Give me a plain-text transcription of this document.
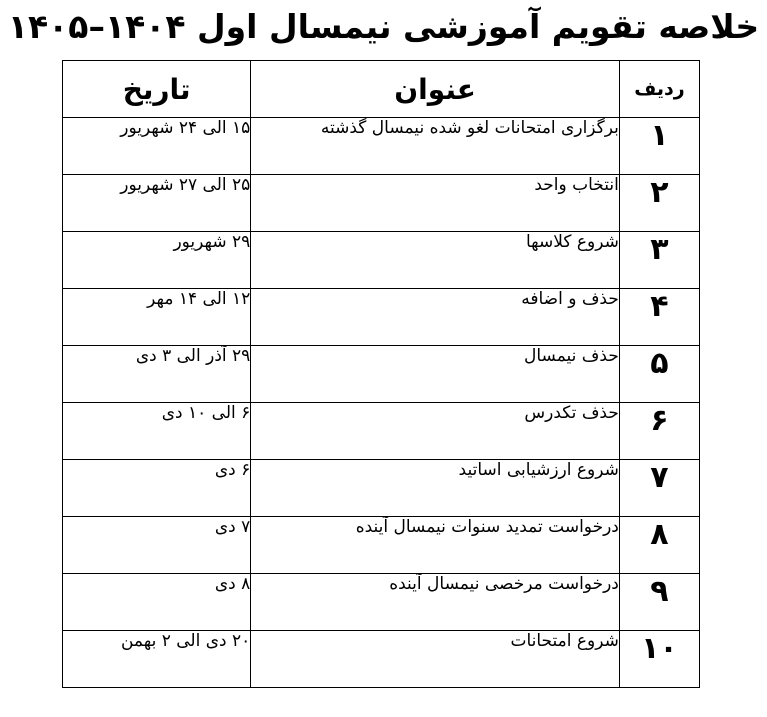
خلاصه تقویم آموزشی نیمسال اول ۱۴۰۴–۱۴۰۵
ردیف	عنوان	تاریخ
۱	برگزاری امتحانات لغو شده نیمسال گذشته	۱۵ الی ۲۴ شهریور
۲	انتخاب واحد	۲۵ الی ۲۷ شهریور
۳	شروع کلاسها	۲۹ شهریور
۴	حذف و اضافه	۱۲ الی ۱۴ مهر
۵	حذف نیمسال	۲۹ آذر الی ۳ دی
۶	حذف تکدرس	۶ الی ۱۰ دی
۷	شروع ارزشیابی اساتید	۶ دی
۸	درخواست تمدید سنوات نیمسال آینده	۷ دی
۹	درخواست مرخصی نیمسال آینده	۸ دی
۱۰	شروع امتحانات	۲۰ دی الی ۲ بهمن
